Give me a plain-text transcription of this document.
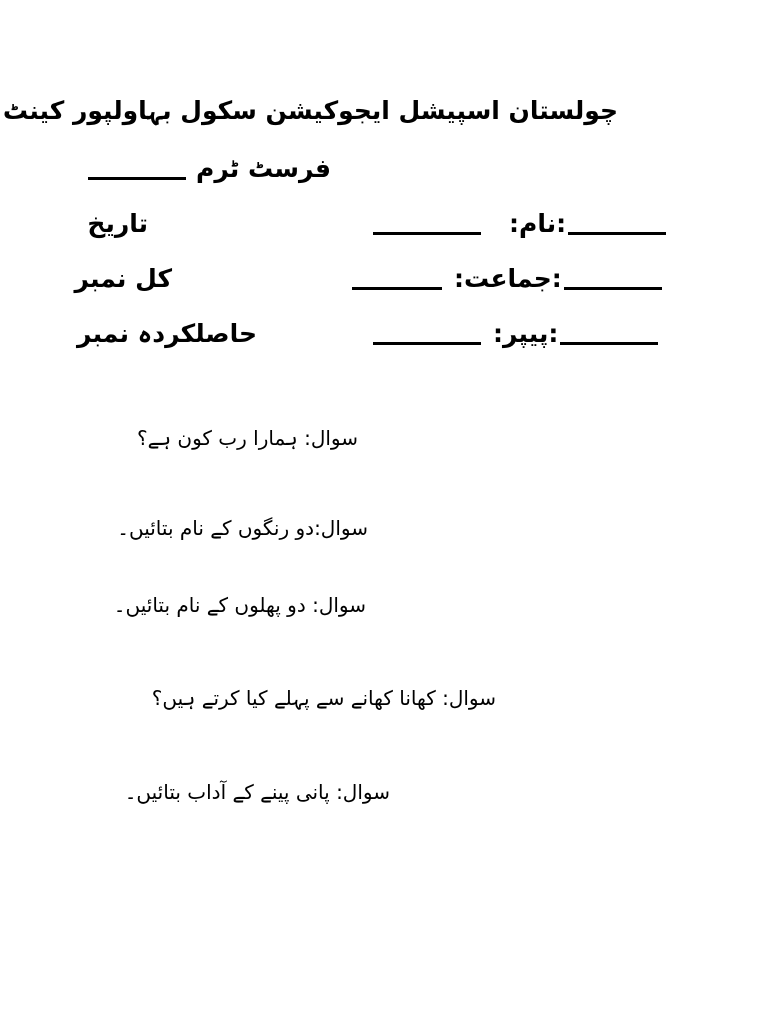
چولستان اسپیشل ایجوکیشن سکول بہاولپور کینٹ
فرسٹ ٹرم
:نام:
:جماعت:
:پیپر:
تاریخ
کل نمبر
حاصلکردہ نمبر
سوال: ہمارا رب کون ہے؟
سوال:دو رنگوں کے نام بتائیں۔
سوال: دو پھلوں کے نام بتائیں۔
سوال: کھانا کھانے سے پہلے کیا کرتے ہیں؟
سوال: پانی پینے کے آداب بتائیں۔
